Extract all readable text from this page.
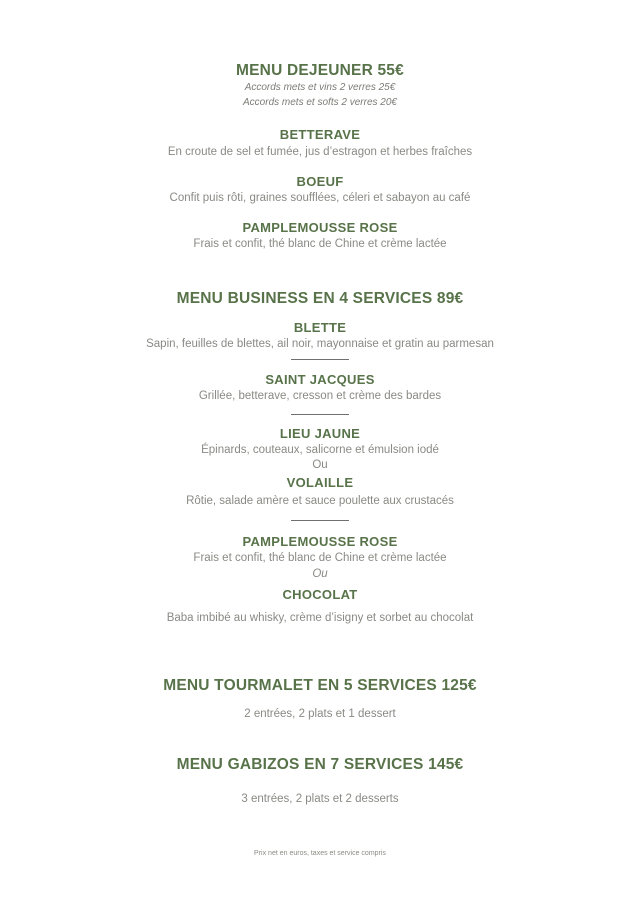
MENU DEJEUNER 55€
Accords mets et vins 2 verres 25€
Accords mets et softs 2 verres 20€
BETTERAVE
En croute de sel et fumée, jus d’estragon et herbes fraîches
BOEUF
Confit puis rôti, graines soufflées, céleri et sabayon au café
PAMPLEMOUSSE ROSE
Frais et confit, thé blanc de Chine et crème lactée
MENU BUSINESS EN 4 SERVICES 89€
BLETTE
Sapin, feuilles de blettes, ail noir, mayonnaise et gratin au parmesan
SAINT JACQUES
Grillée, betterave, cresson et crème des bardes
LIEU JAUNE
Épinards, couteaux, salicorne et émulsion iodé
Ou
VOLAILLE
Rôtie, salade amère et sauce poulette aux crustacés
PAMPLEMOUSSE ROSE
Frais et confit, thé blanc de Chine et crème lactée
Ou
CHOCOLAT
Baba imbibé au whisky, crème d’isigny et sorbet au chocolat
MENU TOURMALET EN 5 SERVICES 125€
2 entrées, 2 plats et 1 dessert
MENU GABIZOS EN 7 SERVICES 145€
3 entrées, 2 plats et 2 desserts
Prix net en euros, taxes et service compris
